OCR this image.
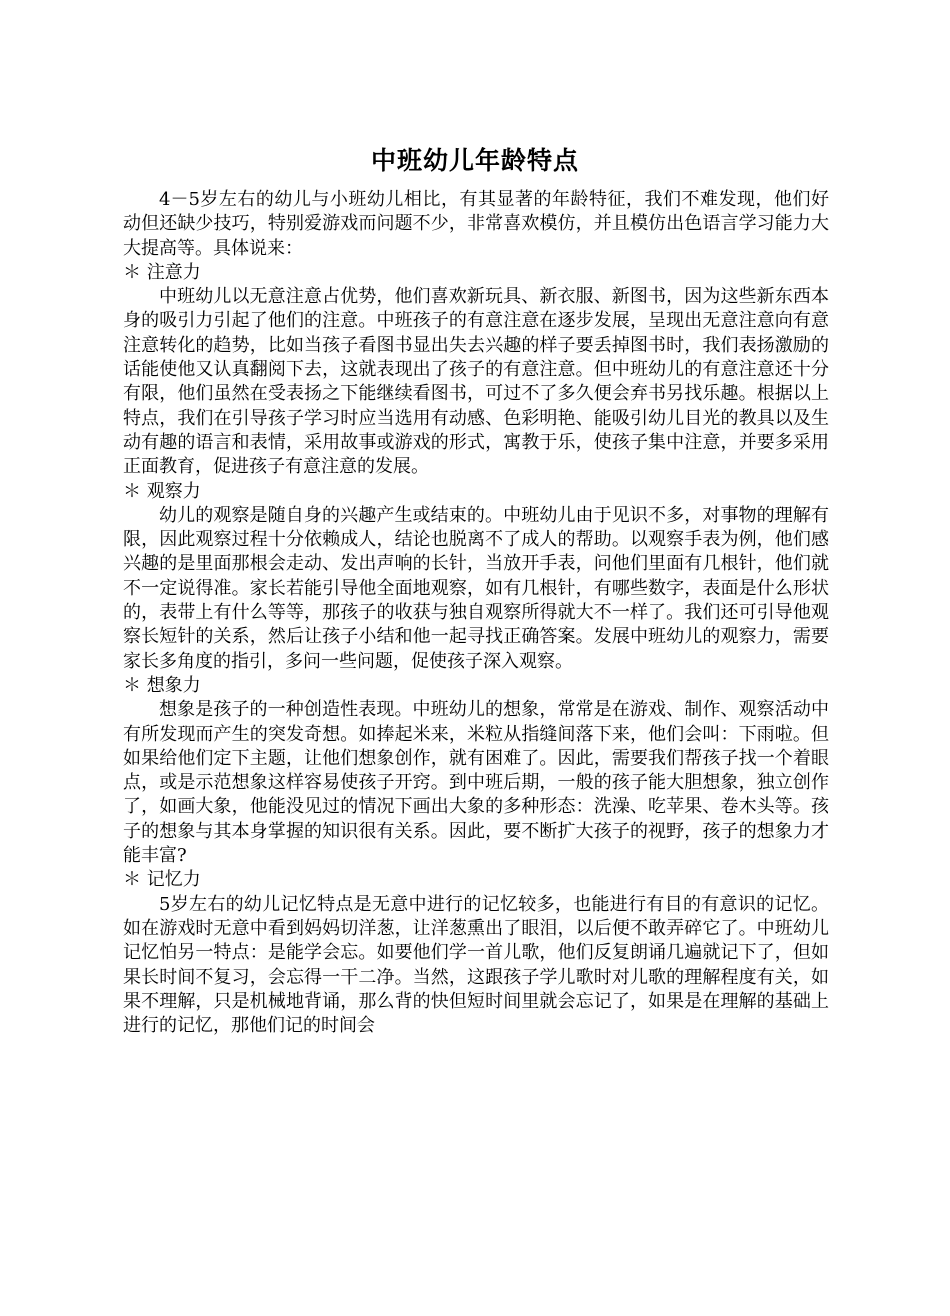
中班幼儿年龄特点

4－5岁左右的幼儿与小班幼儿相比，有其显著的年龄特征，我们不难发现，他们好动但还缺少技巧，特别爱游戏而问题不少，非常喜欢模仿，并且模仿出色语言学习能力大大提高等。具体说来：

＊ 注意力

中班幼儿以无意注意占优势，他们喜欢新玩具、新衣服、新图书，因为这些新东西本身的吸引力引起了他们的注意。中班孩子的有意注意在逐步发展，呈现出无意注意向有意注意转化的趋势，比如当孩子看图书显出失去兴趣的样子要丢掉图书时，我们表扬激励的话能使他又认真翻阅下去，这就表现出了孩子的有意注意。但中班幼儿的有意注意还十分有限，他们虽然在受表扬之下能继续看图书，可过不了多久便会弃书另找乐趣。根据以上特点，我们在引导孩子学习时应当选用有动感、色彩明艳、能吸引幼儿目光的教具以及生动有趣的语言和表情，采用故事或游戏的形式，寓教于乐，使孩子集中注意，并要多采用正面教育，促进孩子有意注意的发展。

＊ 观察力

幼儿的观察是随自身的兴趣产生或结束的。中班幼儿由于见识不多，对事物的理解有限，因此观察过程十分依赖成人，结论也脱离不了成人的帮助。以观察手表为例，他们感兴趣的是里面那根会走动、发出声响的长针，当放开手表，问他们里面有几根针，他们就不一定说得准。家长若能引导他全面地观察，如有几根针，有哪些数字，表面是什么形状的，表带上有什么等等，那孩子的收获与独自观察所得就大不一样了。我们还可引导他观察长短针的关系，然后让孩子小结和他一起寻找正确答案。发展中班幼儿的观察力，需要家长多角度的指引，多问一些问题，促使孩子深入观察。

＊ 想象力

想象是孩子的一种创造性表现。中班幼儿的想象，常常是在游戏、制作、观察活动中有所发现而产生的突发奇想。如捧起米来，米粒从指缝间落下来，他们会叫：下雨啦。但如果给他们定下主题，让他们想象创作，就有困难了。因此，需要我们帮孩子找一个着眼点，或是示范想象这样容易使孩子开窍。到中班后期，一般的孩子能大胆想象，独立创作了，如画大象，他能没见过的情况下画出大象的多种形态：洗澡、吃苹果、卷木头等。孩子的想象与其本身掌握的知识很有关系。因此，要不断扩大孩子的视野，孩子的想象力才能丰富?

＊ 记忆力

5岁左右的幼儿记忆特点是无意中进行的记忆较多，也能进行有目的有意识的记忆。如在游戏时无意中看到妈妈切洋葱，让洋葱熏出了眼泪，以后便不敢弄碎它了。中班幼儿记忆怕另一特点：是能学会忘。如要他们学一首儿歌，他们反复朗诵几遍就记下了，但如果长时间不复习，会忘得一干二净。当然，这跟孩子学儿歌时对儿歌的理解程度有关，如果不理解，只是机械地背诵，那么背的快但短时间里就会忘记了，如果是在理解的基础上进行的记忆，那他们记的时间会
